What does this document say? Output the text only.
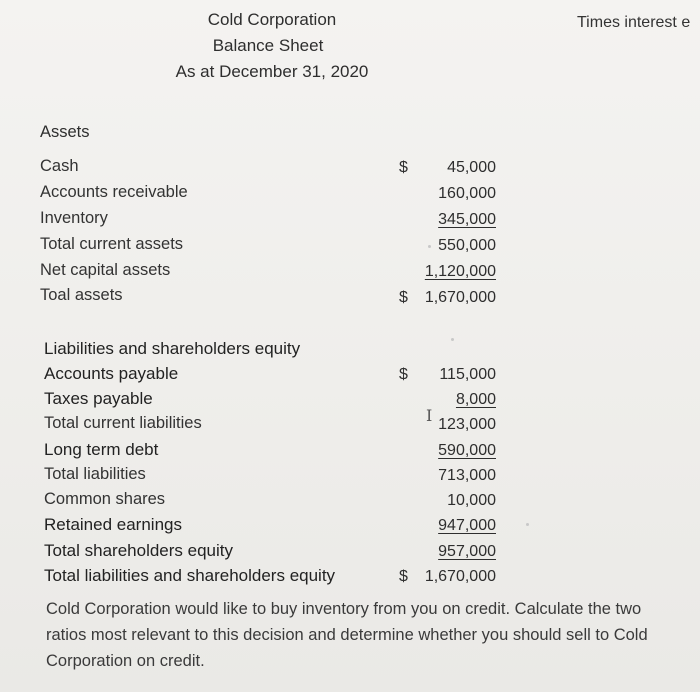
Cold Corporation
Balance Sheet
As at December 31, 2020
Times interest e
Assets
Cash	$	45,000
Accounts receivable	160,000
Inventory	345,000
Total current assets	550,000
Net capital assets	1,120,000
Toal assets	$	1,670,000
Liabilities and shareholders equity
Accounts payable	$	115,000
Taxes payable	8,000
Total current liabilities	I 123,000
Long term debt	590,000
Total liabilities	713,000
Common shares	10,000
Retained earnings	947,000
Total shareholders equity	957,000
Total liabilities and shareholders equity	$	1,670,000
Cold Corporation would like to buy inventory from you on credit. Calculate the two ratios most relevant to this decision and determine whether you should sell to Cold Corporation on credit.
